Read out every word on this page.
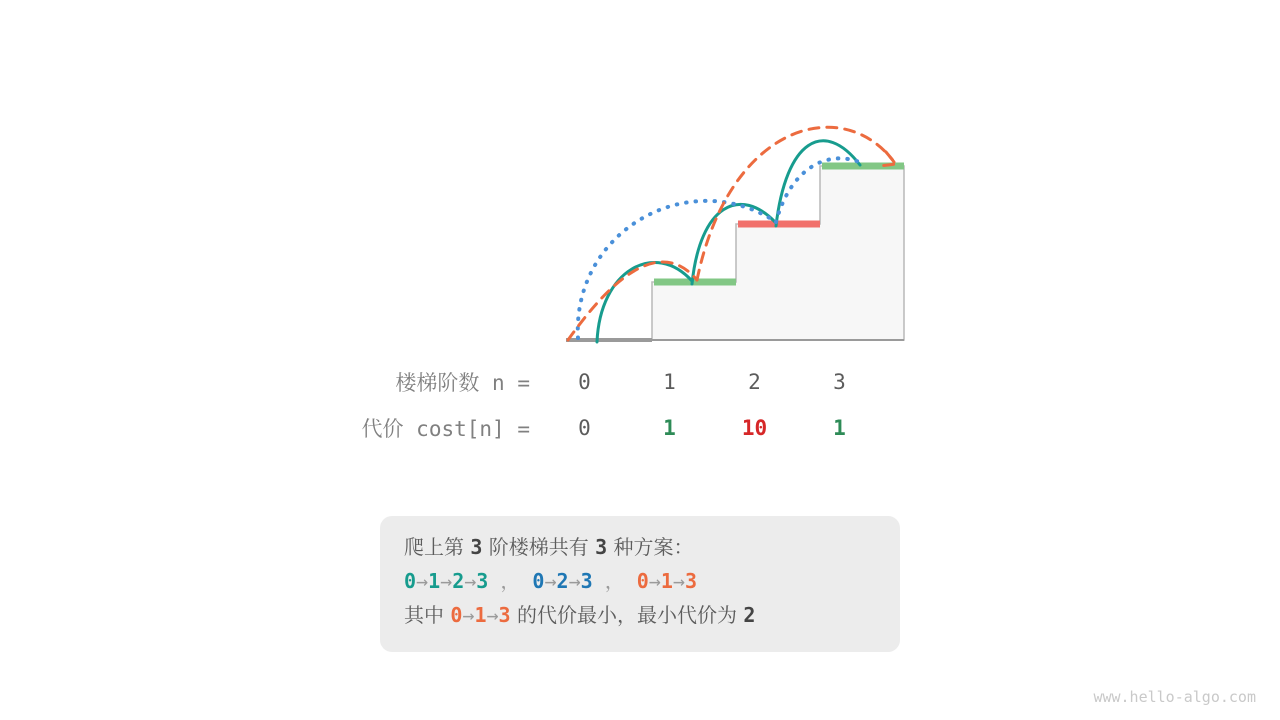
楼梯阶数 n =	0	1	2	3
代价 cost[n] =	0	1	10	1
爬上第 3 阶楼梯共有 3 种方案：
0→1→2→3 ， 0→2→3 ， 0→1→3
其中 0→1→3 的代价最小，最小代价为 2
www.hello-algo.com
